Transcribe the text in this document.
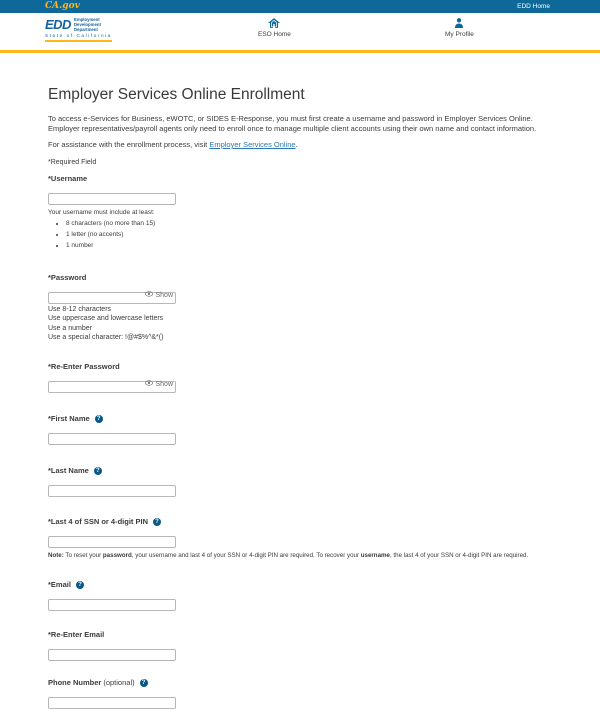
CA.gov	EDD Home
EDD Employment
Development
Department
State of California	ESO Home	My Profile
Employer Services Online Enrollment

To access e-Services for Business, eWOTC, or SIDES E-Response, you must first create a username and password in Employer Services Online. Employer representatives/payroll agents only need to enroll once to manage multiple client accounts using their own name and contact information.

For assistance with the enrollment process, visit Employer Services Online.

*Required Field

*Username
Your username must include at least:
• 8 characters (no more than 15)
• 1 letter (no accents)
• 1 number
*Password
Show
Use 8-12 characters
Use uppercase and lowercase letters
Use a number
Use a special character: !@#$%^&*()
*Re-Enter Password
Show
*First Name	?
*Last Name	?
*Last 4 of SSN or 4-digit PIN	?

Note: To reset your password, your username and last 4 of your SSN or 4-digit PIN are required. To recover your username, the last 4 of your SSN or 4-digit PIN are required.

*Email	?
*Re-Enter Email
Phone Number (optional)	?
